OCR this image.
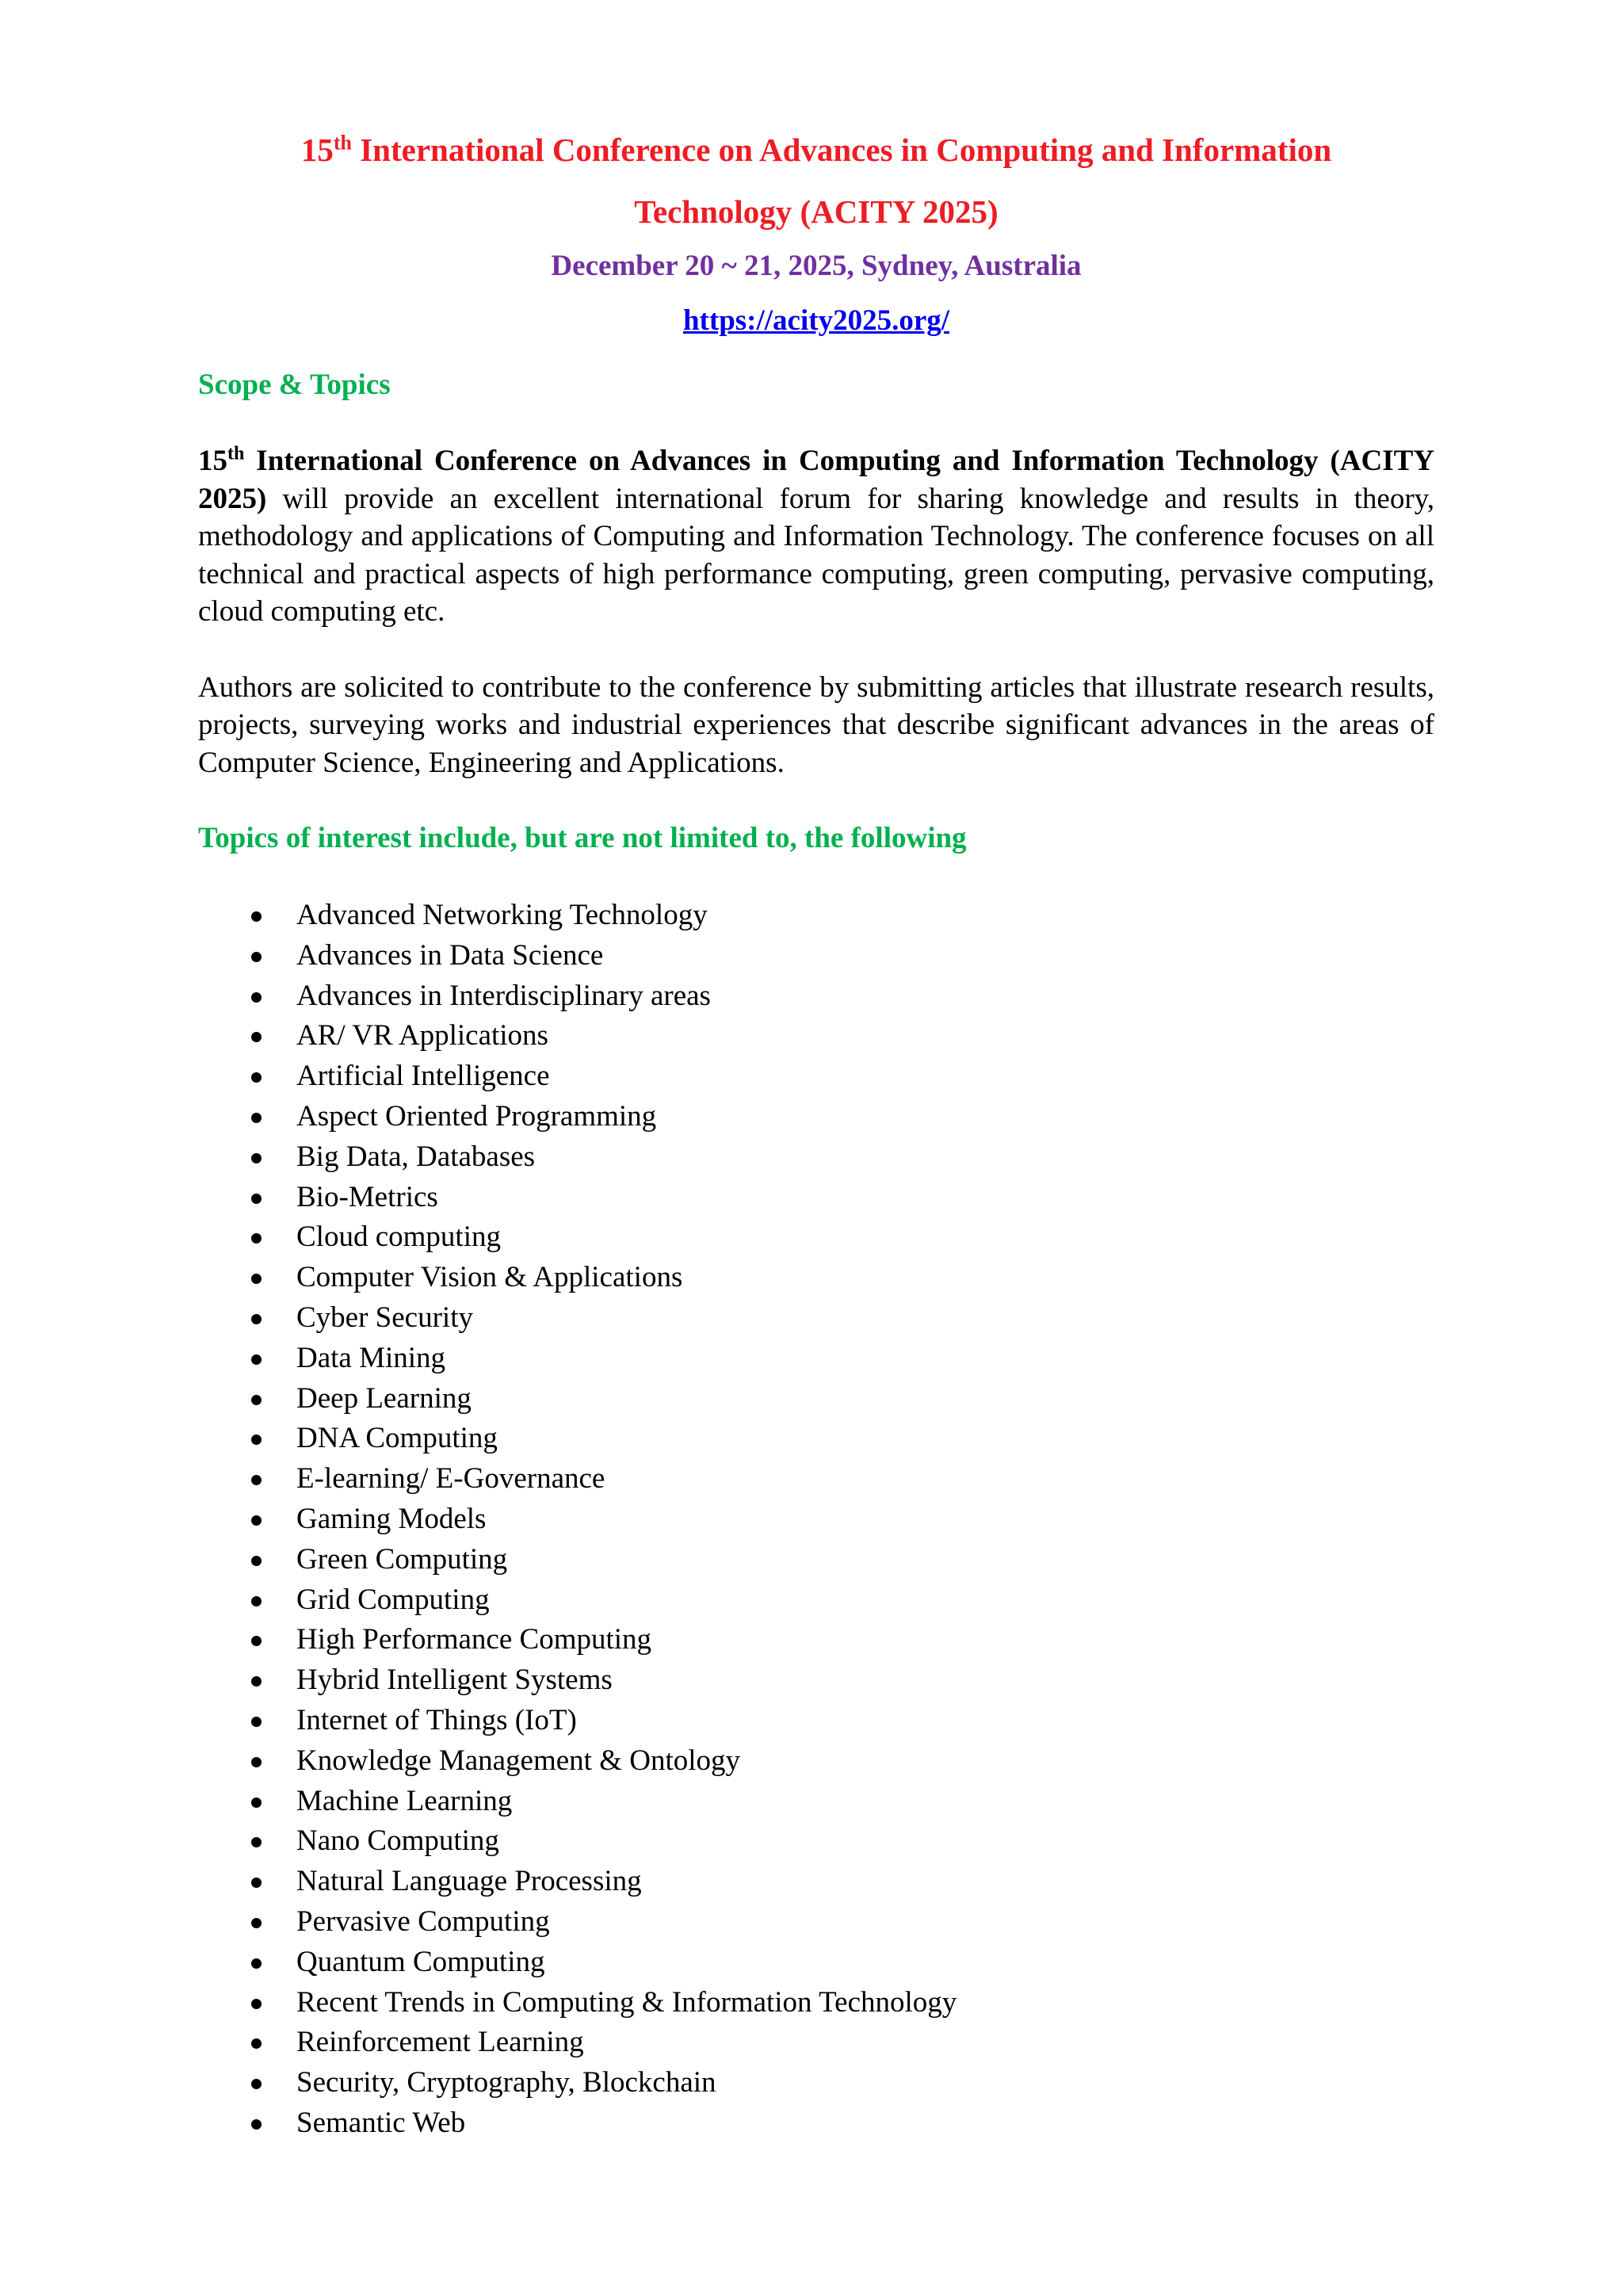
15th International Conference on Advances in Computing and Information
Technology (ACITY 2025)

December 20 ~ 21, 2025, Sydney, Australia

https://acity2025.org/

Scope & Topics

15th International Conference on Advances in Computing and Information Technology (ACITY 2025) will provide an excellent international forum for sharing knowledge and results in theory, methodology and applications of Computing and Information Technology. The conference focuses on all technical and practical aspects of high performance computing, green computing, pervasive computing, cloud computing etc.

Authors are solicited to contribute to the conference by submitting articles that illustrate research results, projects, surveying works and industrial experiences that describe significant advances in the areas of Computer Science, Engineering and Applications.

Topics of interest include, but are not limited to, the following
Advanced Networking Technology
Advances in Data Science
Advances in Interdisciplinary areas
AR/ VR Applications
Artificial Intelligence
Aspect Oriented Programming
Big Data, Databases
Bio-Metrics
Cloud computing
Computer Vision & Applications
Cyber Security
Data Mining
Deep Learning
DNA Computing
E-learning/ E-Governance
Gaming Models
Green Computing
Grid Computing
High Performance Computing
Hybrid Intelligent Systems
Internet of Things (IoT)
Knowledge Management & Ontology
Machine Learning
Nano Computing
Natural Language Processing
Pervasive Computing
Quantum Computing
Recent Trends in Computing & Information Technology
Reinforcement Learning
Security, Cryptography, Blockchain
Semantic Web
